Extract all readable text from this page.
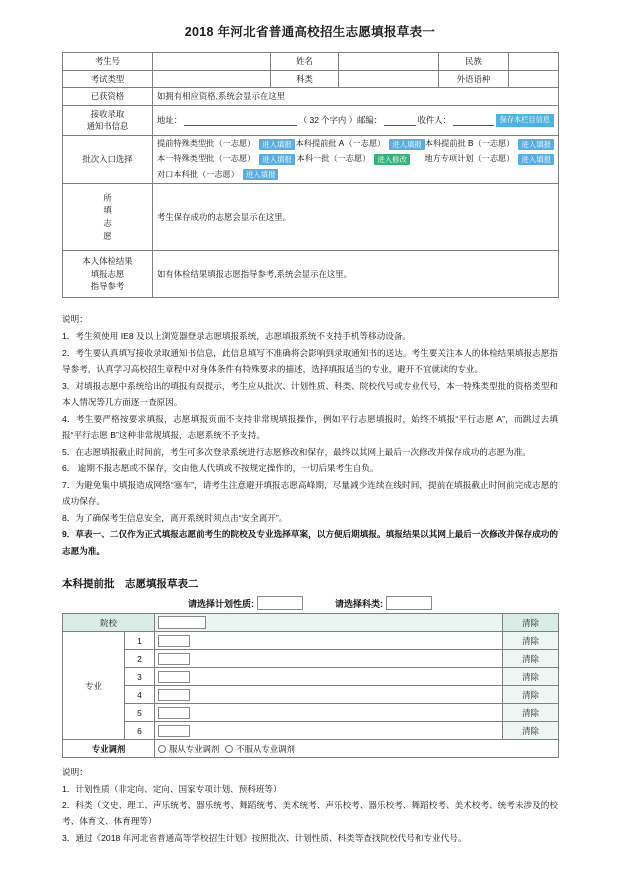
2018 年河北省普通高校招生志愿填报草表一
考生号		姓名		民族	
考试类型		科类		外语语种	
已获资格	如拥有相应资格,系统会显示在这里				

接收录取
通知书信息

地址：	（ 32 个字内 ） 邮编：	收件人：	保存本栏目信息

批次入口选择	
提前特殊类型批（一志愿） 进入填报 本科提前批 A（一志愿） 进入填报 本科提前批 B（一志愿） 进入填报
本一特殊类型批（一志愿） 进入填报 本科一批（一志愿） 进入修改	地方专项计划（一志愿） 进入填报
对口本科批（一志愿） 进入填报

所
填
志
愿	考生保存成功的志愿会显示在这里。				

本人体检结果
填报志愿
指导参考	如有体检结果填报志愿指导参考,系统会显示在这里。				

说明：

1．考生须使用 IE8 及以上浏览器登录志愿填报系统，志愿填报系统不支持手机等移动设备。

2．考生要认真填写接收录取通知书信息，此信息填写不准确将会影响到录取通知书的送达。考生要关注本人的体检结果填报志愿指导参考，认真学习高校招生章程中对身体条件有特殊要求的描述，选择填报适当的专业，避开不宜就读的专业。

3．对填报志愿中系统给出的填报有误提示，考生应从批次、计划性质、科类、院校代号或专业代号，本一特殊类型批的资格类型和本人情况等几方面逐一查原因。

4．考生要严格按要求填报，志愿填报页面不支持非常规填报操作，例如平行志愿填报时，始终不填报“平行志愿 A”，而跳过去填报“平行志愿 B”这种非常规填报，志愿系统不予支持。

5．在志愿填报截止时间前，考生可多次登录系统进行志愿修改和保存，最终以其网上最后一次修改并保存成功的志愿为准。

6． 逾期不报志愿或不保存，交由他人代填或不按规定操作的，一切后果考生自负。

7．为避免集中填报造成网络“塞车”，请考生注意避开填报志愿高峰期，尽量减少连续在线时间，提前在填报截止时间前完成志愿的成功保存。

8．为了确保考生信息安全，离开系统时须点击“安全离开”。

9．草表一、二仅作为正式填报志愿前考生的院校及专业选择草案，以方便后期填报。填报结果以其网上最后一次修改并保存成功的志愿为准。

本科提前批　志愿填报草表二
请选择计划性质:	请选择科类:
院校			清除
专业	1		清除
	2		清除
	3		清除
	4		清除
	5		清除
	6		清除
专业调剂		服从专业调剂 不服从专业调剂	

说明：

1．计划性质（非定向、定向、国家专项计划、预科班等）

2．科类（文史、理工、声乐统考、器乐统考、舞蹈统考、美术统考、声乐校考、器乐校考、舞蹈校考、美术校考、统考未涉及的校考、体育文、体育理等）

3．通过《2018 年河北省普通高等学校招生计划》按照批次、计划性质、科类等查找院校代号和专业代号。
